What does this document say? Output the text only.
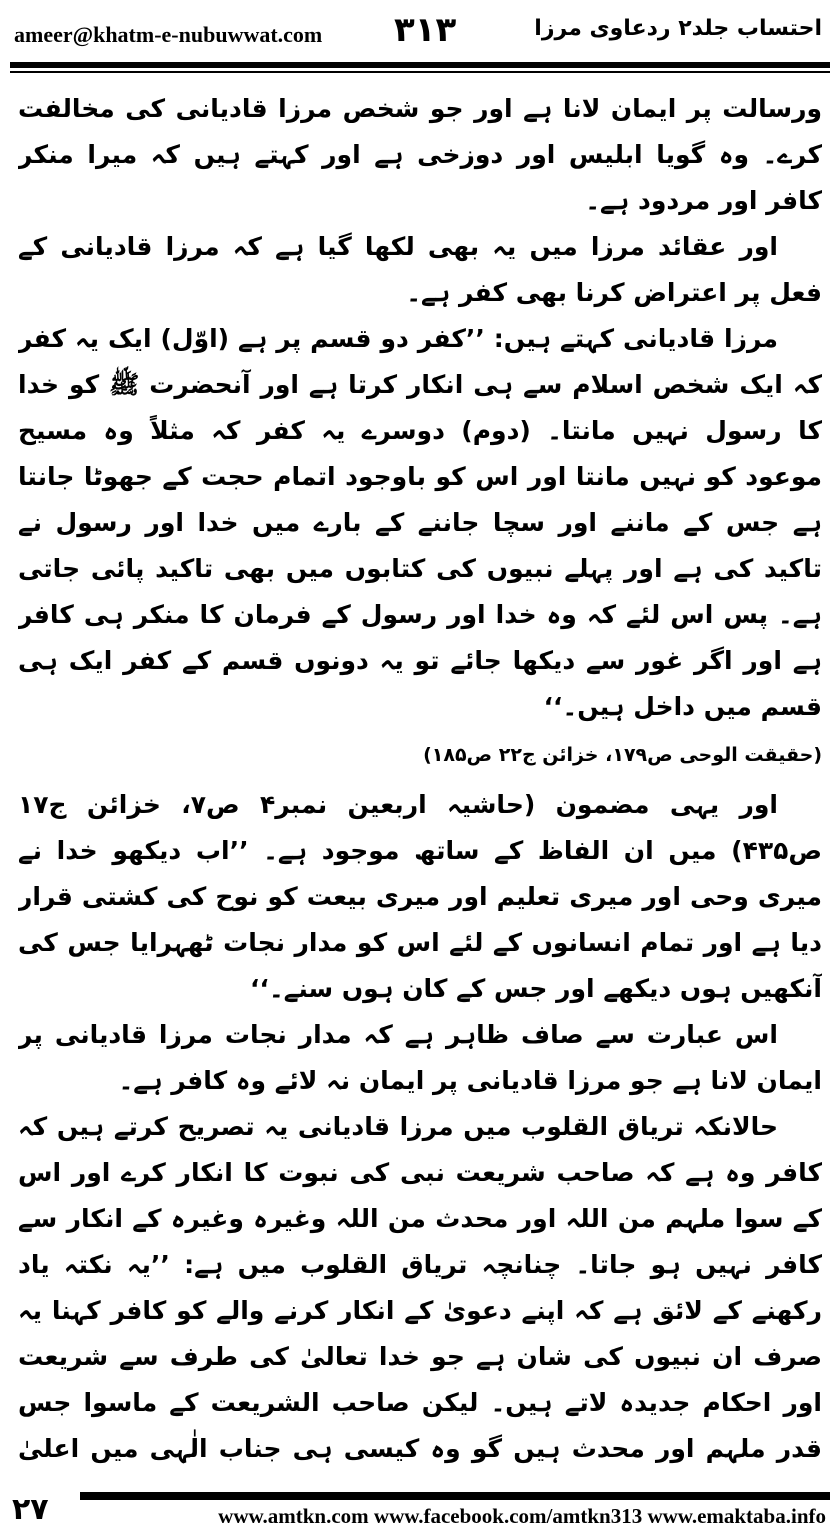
ameer@khatm-e-nubuwwat.com ۳۱۳	احتساب جلد۲ ردعاوی مرزا

ورسالت پر ایمان لانا ہے اور جو شخص مرزا قادیانی کی مخالفت کرے۔ وہ گویا ابلیس اور دوزخی ہے اور کہتے ہیں کہ میرا منکر کافر اور مردود ہے۔

اور عقائد مرزا میں یہ بھی لکھا گیا ہے کہ مرزا قادیانی کے فعل پر اعتراض کرنا بھی کفر ہے۔

مرزا قادیانی کہتے ہیں: ’’کفر دو قسم پر ہے (اوّل) ایک یہ کفر کہ ایک شخص اسلام سے ہی انکار کرتا ہے اور آنحضرت ﷺ کو خدا کا رسول نہیں مانتا۔ (دوم) دوسرے یہ کفر کہ مثلاً وہ مسیح موعود کو نہیں مانتا اور اس کو باوجود اتمام حجت کے جھوٹا جانتا ہے جس کے ماننے اور سچا جاننے کے بارے میں خدا اور رسول نے تاکید کی ہے اور پہلے نبیوں کی کتابوں میں بھی تاکید پائی جاتی ہے۔ پس اس لئے کہ وہ خدا اور رسول کے فرمان کا منکر ہی کافر ہے اور اگر غور سے دیکھا جائے تو یہ دونوں قسم کے کفر ایک ہی قسم میں داخل ہیں۔‘‘

(حقیقت الوحی ص۱۷۹، خزائن ج۲۲ ص۱۸۵)

اور یہی مضمون (حاشیہ اربعین نمبر۴ ص۷، خزائن ج۱۷ ص۴۳۵) میں ان الفاظ کے ساتھ موجود ہے۔ ’’اب دیکھو خدا نے میری وحی اور میری تعلیم اور میری بیعت کو نوح کی کشتی قرار دیا ہے اور تمام انسانوں کے لئے اس کو مدار نجات ٹھہرایا جس کی آنکھیں ہوں دیکھے اور جس کے کان ہوں سنے۔‘‘

اس عبارت سے صاف ظاہر ہے کہ مدار نجات مرزا قادیانی پر ایمان لانا ہے جو مرزا قادیانی پر ایمان نہ لائے وہ کافر ہے۔

حالانکہ تریاق القلوب میں مرزا قادیانی یہ تصریح کرتے ہیں کہ کافر وہ ہے کہ صاحب شریعت نبی کی نبوت کا انکار کرے اور اس کے سوا ملہم من اللہ اور محدث من اللہ وغیرہ وغیرہ کے انکار سے کافر نہیں ہو جاتا۔ چنانچہ تریاق القلوب میں ہے: ’’یہ نکتہ یاد رکھنے کے لائق ہے کہ اپنے دعویٰ کے انکار کرنے والے کو کافر کہنا یہ صرف ان نبیوں کی شان ہے جو خدا تعالیٰ کی طرف سے شریعت اور احکام جدیدہ لاتے ہیں۔ لیکن صاحب الشریعت کے ماسوا جس قدر ملہم اور محدث ہیں گو وہ کیسی ہی جناب الٰہی میں اعلیٰ

۲۷	www.amtkn.com www.facebook.com/amtkn313 www.emaktaba.info
